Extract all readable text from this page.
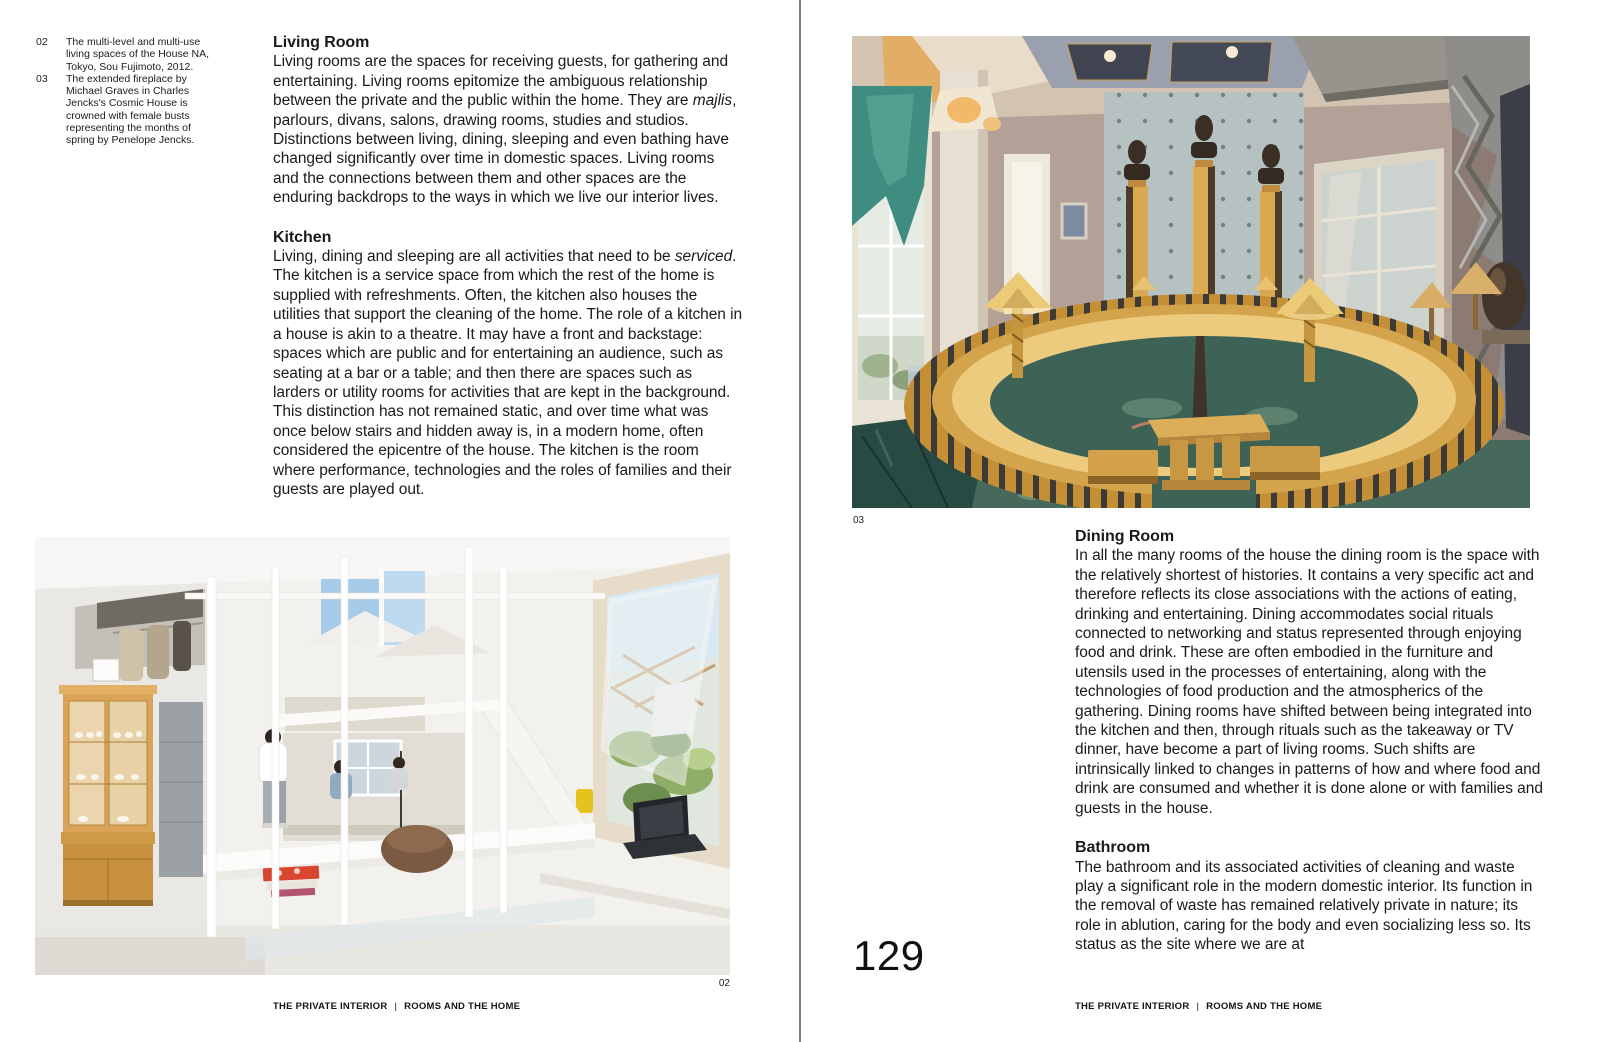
02	The multi-level and multi-use living spaces of the House NA, Tokyo, Sou Fujimoto, 2012.
03	The extended fireplace by Michael Graves in Charles Jencks's Cosmic House is crowned with female busts representing the months of spring by Penelope Jencks.
Living Room

Living rooms are the spaces for receiving guests, for gathering and entertaining. Living rooms epitomize the ambiguous relationship between the private and the public within the home. They are majlis, parlours, divans, salons, drawing rooms, studies and studios. Distinctions between living, dining, sleeping and even bathing have changed significantly over time in domestic spaces. Living rooms and the connections between them and other spaces are the enduring backdrops to the ways in which we live our interior lives.

Kitchen

Living, dining and sleeping are all activities that need to be serviced. The kitchen is a service space from which the rest of the home is supplied with refreshments. Often, the kitchen also houses the utilities that support the cleaning of the home. The role of a kitchen in a house is akin to a theatre. It may have a front and backstage: spaces which are public and for entertaining an audience, such as seating at a bar or a table; and then there are spaces such as larders or utility rooms for activities that are kept in the background. This distinction has not remained static, and over time what was once below stairs and hidden away is, in a modern home, often considered the epicentre of the house. The kitchen is the room where performance, technologies and the roles of families and their guests are played out.

02
THE PRIVATE INTERIOR | ROOMS AND THE HOME
03
Dining Room

In all the many rooms of the house the dining room is the space with the relatively shortest of histories. It contains a very specific act and therefore reflects its close associations with the actions of eating, drinking and entertaining. Dining accommodates social rituals connected to networking and status represented through enjoying food and drink. These are often embodied in the furniture and utensils used in the processes of entertaining, along with the technologies of food production and the atmospherics of the gathering. Dining rooms have shifted between being integrated into the kitchen and then, through rituals such as the takeaway or TV dinner, have become a part of living rooms. Such shifts are intrinsically linked to changes in patterns of how and where food and drink are consumed and whether it is done alone or with families and guests in the house.

Bathroom

The bathroom and its associated activities of cleaning and waste play a significant role in the modern domestic interior. Its function in the removal of waste has remained relatively private in nature; its role in ablution, caring for the body and even socializing less so. Its status as the site where we are at

129
THE PRIVATE INTERIOR | ROOMS AND THE HOME
